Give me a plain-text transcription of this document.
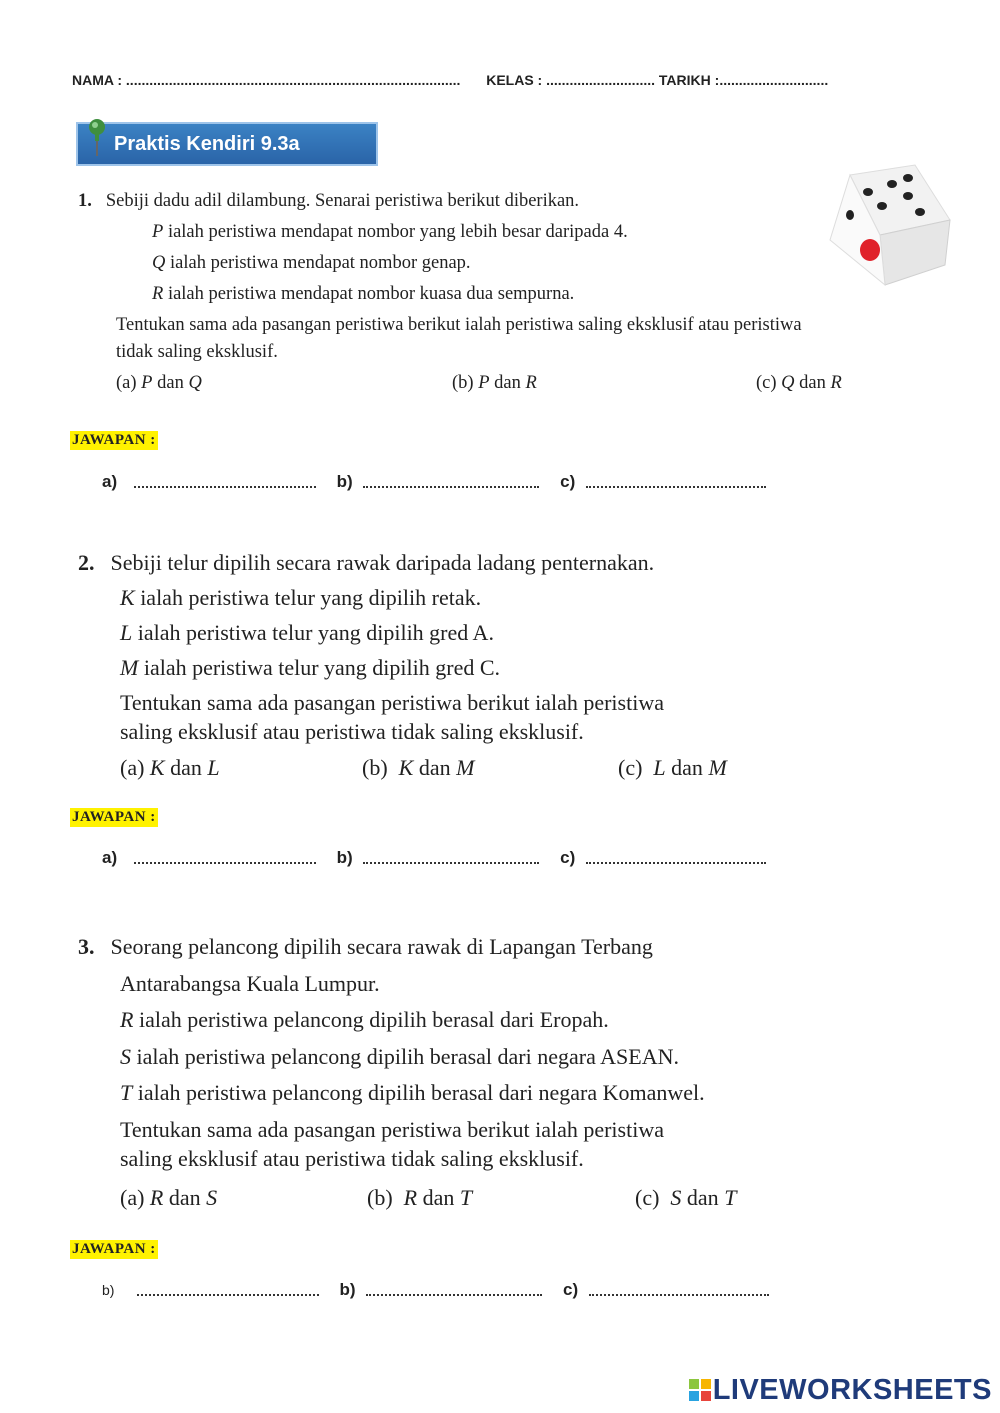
NAMA : ...................................................................................... KELAS : ............................ TARIKH :............................
Praktis Kendiri 9.3a
1. Sebiji dadu adil dilambung. Senarai peristiwa berikut diberikan.
P ialah peristiwa mendapat nombor yang lebih besar daripada 4.
Q ialah peristiwa mendapat nombor genap.
R ialah peristiwa mendapat nombor kuasa dua sempurna.
Tentukan sama ada pasangan peristiwa berikut ialah peristiwa saling eksklusif atau peristiwa
tidak saling eksklusif.
(a) P dan Q	(b) P dan R	(c) Q dan R
JAWAPAN :
a)	b)	c)
2. Sebiji telur dipilih secara rawak daripada ladang penternakan.
K ialah peristiwa telur yang dipilih retak.
L ialah peristiwa telur yang dipilih gred A.
M ialah peristiwa telur yang dipilih gred C.
Tentukan sama ada pasangan peristiwa berikut ialah peristiwa
saling eksklusif atau peristiwa tidak saling eksklusif.
(a) K dan L	(b) K dan M	(c) L dan M
JAWAPAN :
a)	b)	c)
3. Seorang pelancong dipilih secara rawak di Lapangan Terbang
Antarabangsa Kuala Lumpur.
R ialah peristiwa pelancong dipilih berasal dari Eropah.
S ialah peristiwa pelancong dipilih berasal dari negara ASEAN.
T ialah peristiwa pelancong dipilih berasal dari negara Komanwel.
Tentukan sama ada pasangan peristiwa berikut ialah peristiwa
saling eksklusif atau peristiwa tidak saling eksklusif.
(a) R dan S	(b) R dan T	(c) S dan T
JAWAPAN :
b)	b)	c)
LIVEWORKSHEETS
